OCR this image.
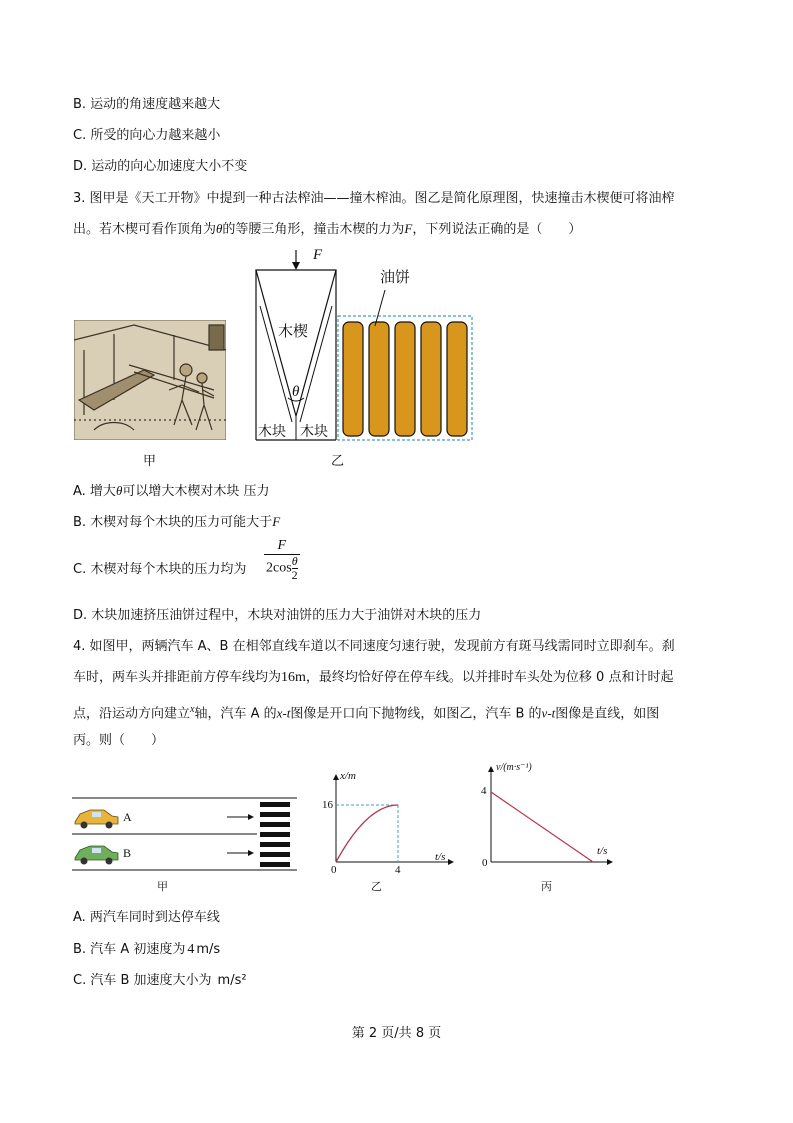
B. 运动的角速度越来越大
C. 所受的向心力越来越小
D. 运动的向心加速度大小不变
3. 图甲是《天工开物》中提到一种古法榨油——撞木榨油。图乙是简化原理图，快速撞击木楔便可将油榨
出。若木楔可看作顶角为θ的等腰三角形，撞击木楔的力为F，下列说法正确的是（　　）
甲
F
木楔
θ
木块 木块
油饼
乙
A. 增大θ可以增大木楔对木块 压力
B. 木楔对每个木块的压力可能大于F
C. 木楔对每个木块的压力均为 $\frac{F}{2\cos \frac{\theta}{2}}$
D. 木块加速挤压油饼过程中，木块对油饼的压力大于油饼对木块的压力
4. 如图甲，两辆汽车 A、B 在相邻直线车道以不同速度匀速行驶，发现前方有斑马线需同时立即刹车。刹
车时，两车头并排距前方停车线均为16m，最终均恰好停在停车线。以并排时车头处为位移 0 点和计时起
点，沿运动方向建立$^x$轴，汽车 A 的x-t图像是开口向下抛物线，如图乙，汽车 B 的v-t图像是直线，如图
丙。则（　　）
A
B
甲
x/m
16
0	4
t/s
乙
v/(m·s⁻¹)
4
0
t/s
丙
A. 两汽车同时到达停车线
B. 汽车 A 初速度为 4 m/s
C. 汽车 B 加速度大小为 m/s²
第 2 页/共 8 页
